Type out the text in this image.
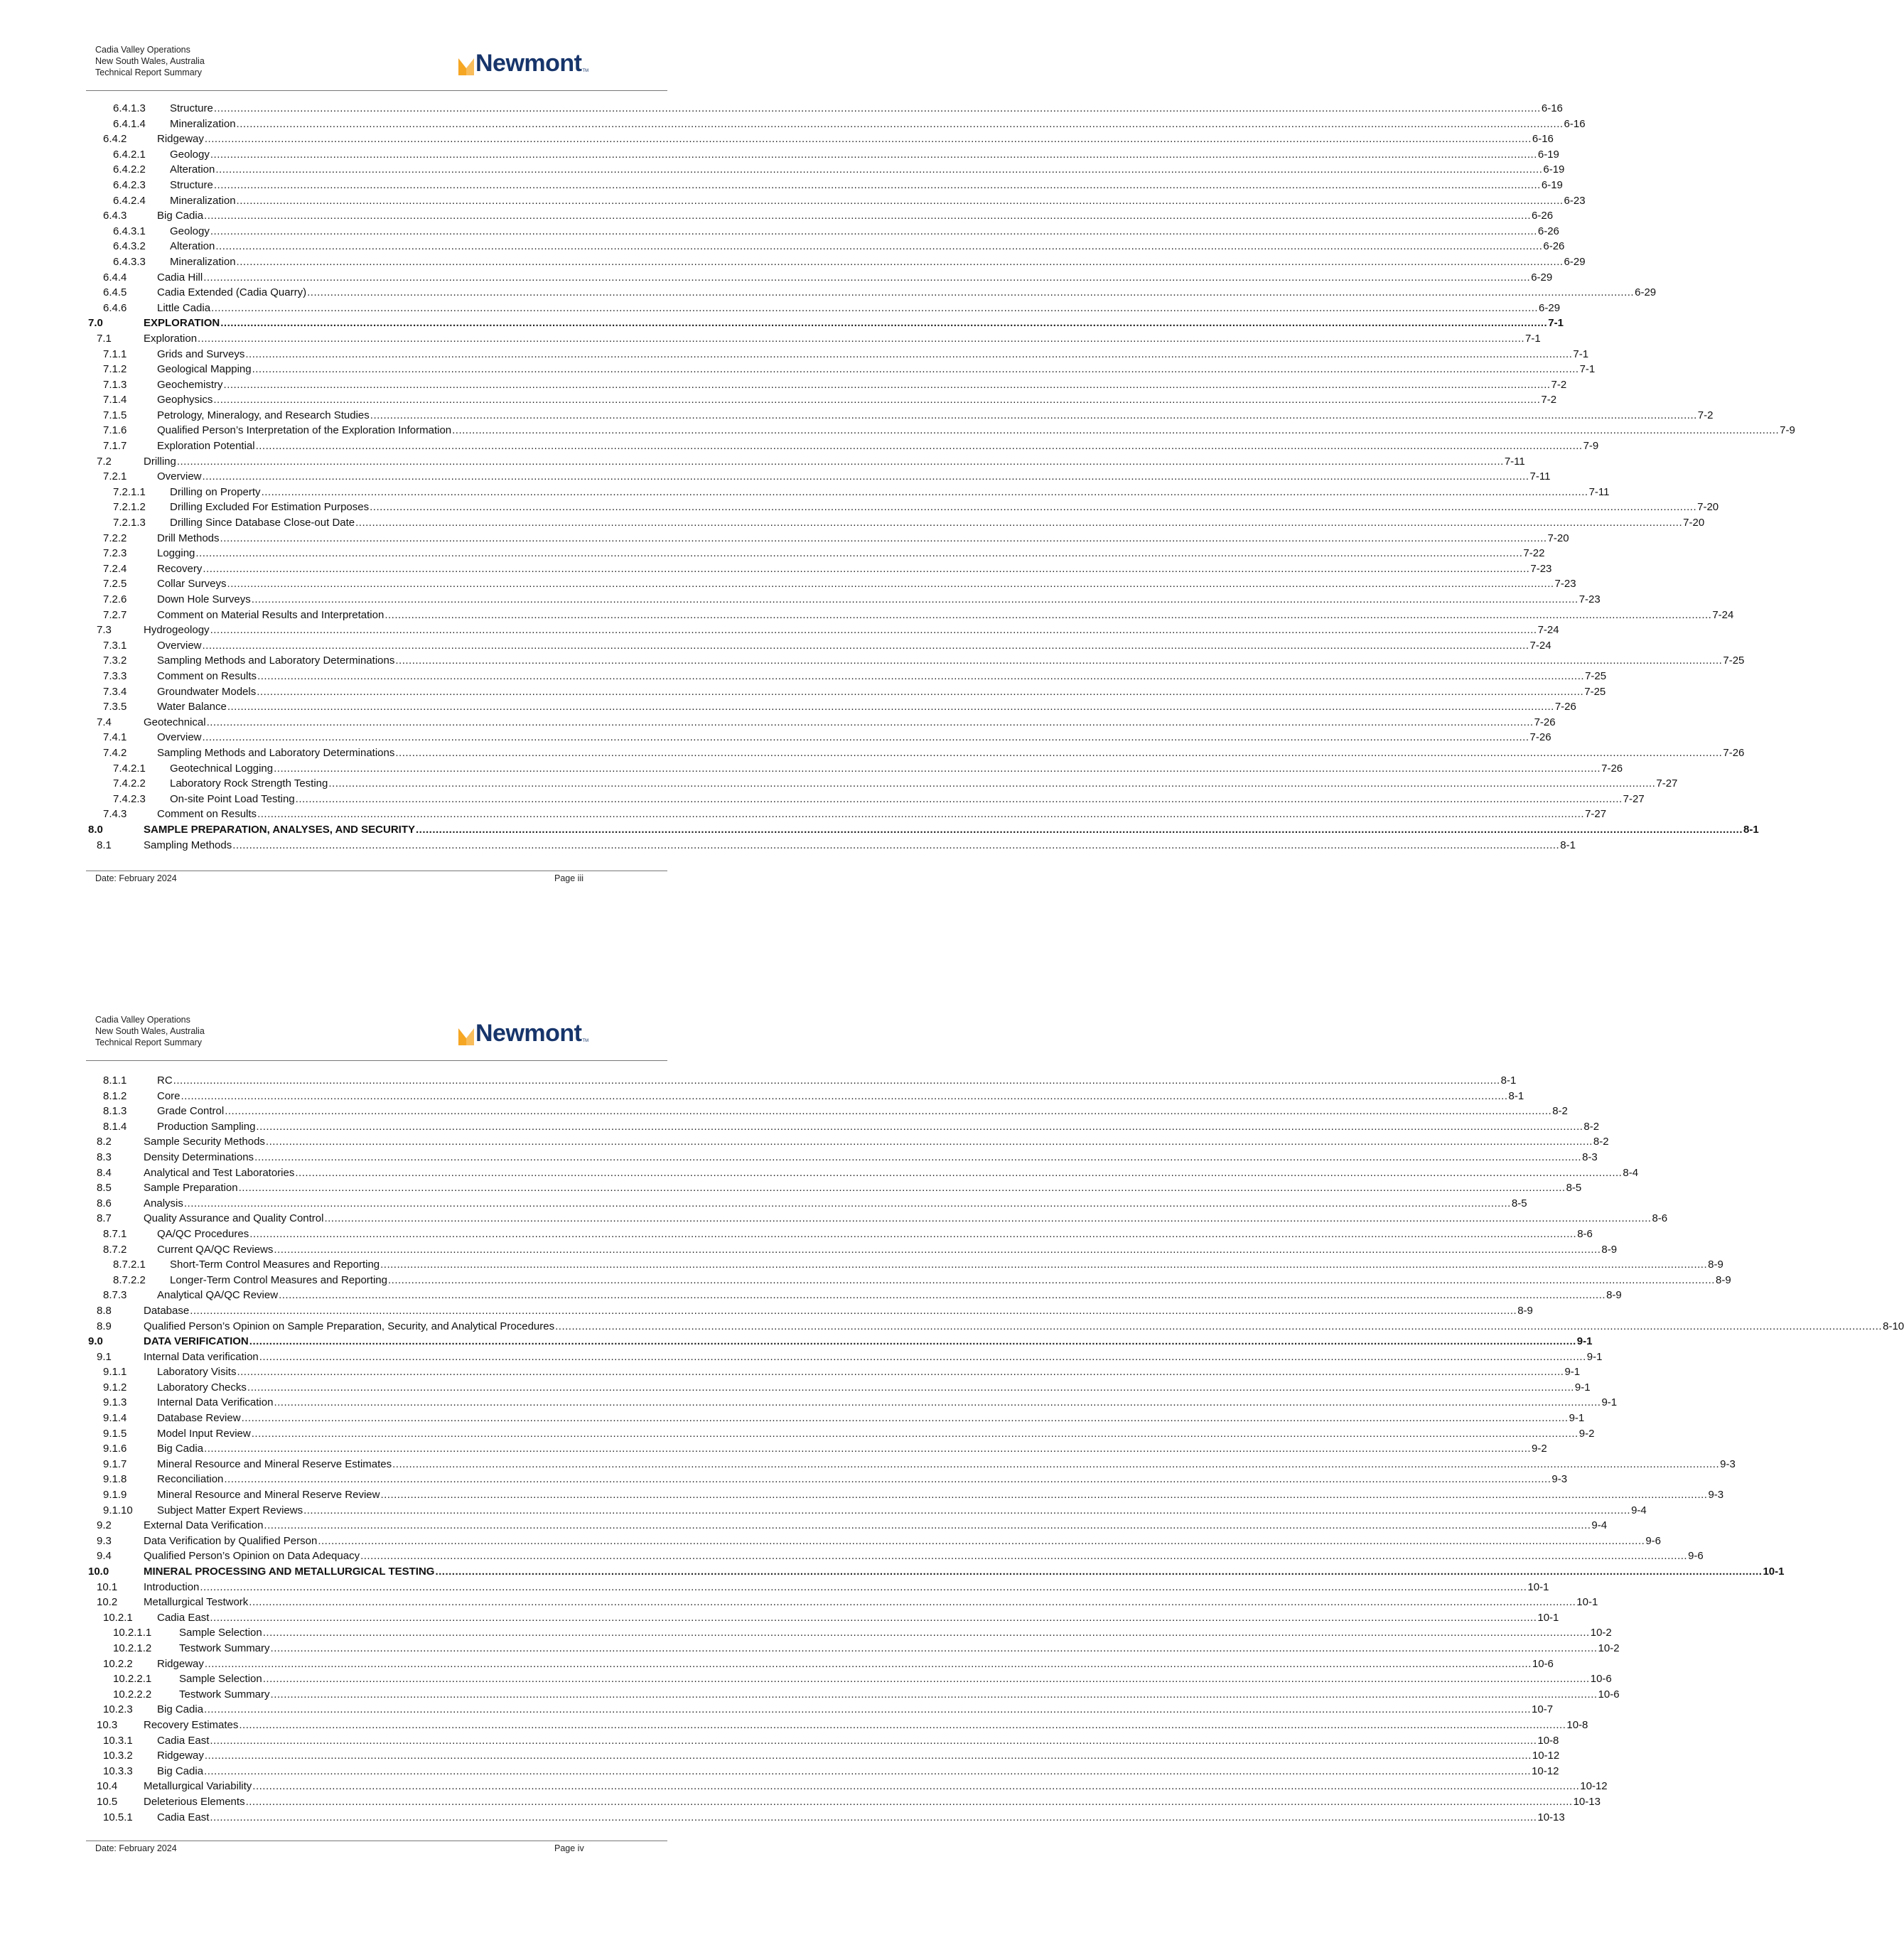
Cadia Valley Operations
New South Wales, Australia
Technical Report Summary	Newmont TM
6.4.1.3 Structure ................................................................................................................................................................................................................................................................................................................................................................................................................ 6-16
6.4.1.4 Mineralization ................................................................................................................................................................................................................................................................................................................................................................................................................ 6-16
6.4.2	Ridgeway ................................................................................................................................................................................................................................................................................................................................................................................................................ 6-16
6.4.2.1 Geology ................................................................................................................................................................................................................................................................................................................................................................................................................ 6-19
6.4.2.2 Alteration ................................................................................................................................................................................................................................................................................................................................................................................................................ 6-19
6.4.2.3 Structure ................................................................................................................................................................................................................................................................................................................................................................................................................ 6-19
6.4.2.4 Mineralization ................................................................................................................................................................................................................................................................................................................................................................................................................ 6-23
6.4.3	Big Cadia ................................................................................................................................................................................................................................................................................................................................................................................................................ 6-26
6.4.3.1 Geology ................................................................................................................................................................................................................................................................................................................................................................................................................ 6-26
6.4.3.2 Alteration ................................................................................................................................................................................................................................................................................................................................................................................................................ 6-26
6.4.3.3 Mineralization ................................................................................................................................................................................................................................................................................................................................................................................................................ 6-29
6.4.4	Cadia Hill ................................................................................................................................................................................................................................................................................................................................................................................................................ 6-29
6.4.5	Cadia Extended (Cadia Quarry) ................................................................................................................................................................................................................................................................................................................................................................................................................ 6-29
6.4.6	Little Cadia ................................................................................................................................................................................................................................................................................................................................................................................................................ 6-29
7.0	EXPLORATION ................................................................................................................................................................................................................................................................................................................................................................................................................ 7-1
7.1	Exploration ................................................................................................................................................................................................................................................................................................................................................................................................................ 7-1
7.1.1	Grids and Surveys ................................................................................................................................................................................................................................................................................................................................................................................................................ 7-1
7.1.2	Geological Mapping ................................................................................................................................................................................................................................................................................................................................................................................................................ 7-1
7.1.3	Geochemistry ................................................................................................................................................................................................................................................................................................................................................................................................................ 7-2
7.1.4	Geophysics ................................................................................................................................................................................................................................................................................................................................................................................................................ 7-2
7.1.5	Petrology, Mineralogy, and Research Studies ................................................................................................................................................................................................................................................................................................................................................................................................................ 7-2
7.1.6	Qualified Person’s Interpretation of the Exploration Information ................................................................................................................................................................................................................................................................................................................................................................................................................ 7-9
7.1.7	Exploration Potential ................................................................................................................................................................................................................................................................................................................................................................................................................ 7-9
7.2	Drilling ................................................................................................................................................................................................................................................................................................................................................................................................................ 7-11
7.2.1	Overview ................................................................................................................................................................................................................................................................................................................................................................................................................ 7-11
7.2.1.1 Drilling on Property ................................................................................................................................................................................................................................................................................................................................................................................................................ 7-11
7.2.1.2 Drilling Excluded For Estimation Purposes ................................................................................................................................................................................................................................................................................................................................................................................................................ 7-20
7.2.1.3 Drilling Since Database Close-out Date ................................................................................................................................................................................................................................................................................................................................................................................................................ 7-20
7.2.2	Drill Methods ................................................................................................................................................................................................................................................................................................................................................................................................................ 7-20
7.2.3	Logging ................................................................................................................................................................................................................................................................................................................................................................................................................ 7-22
7.2.4	Recovery ................................................................................................................................................................................................................................................................................................................................................................................................................ 7-23
7.2.5	Collar Surveys ................................................................................................................................................................................................................................................................................................................................................................................................................ 7-23
7.2.6	Down Hole Surveys ................................................................................................................................................................................................................................................................................................................................................................................................................ 7-23
7.2.7	Comment on Material Results and Interpretation ................................................................................................................................................................................................................................................................................................................................................................................................................ 7-24
7.3	Hydrogeology ................................................................................................................................................................................................................................................................................................................................................................................................................ 7-24
7.3.1	Overview ................................................................................................................................................................................................................................................................................................................................................................................................................ 7-24
7.3.2	Sampling Methods and Laboratory Determinations ................................................................................................................................................................................................................................................................................................................................................................................................................ 7-25
7.3.3	Comment on Results ................................................................................................................................................................................................................................................................................................................................................................................................................ 7-25
7.3.4	Groundwater Models ................................................................................................................................................................................................................................................................................................................................................................................................................ 7-25
7.3.5	Water Balance ................................................................................................................................................................................................................................................................................................................................................................................................................ 7-26
7.4	Geotechnical ................................................................................................................................................................................................................................................................................................................................................................................................................ 7-26
7.4.1	Overview ................................................................................................................................................................................................................................................................................................................................................................................................................ 7-26
7.4.2	Sampling Methods and Laboratory Determinations ................................................................................................................................................................................................................................................................................................................................................................................................................ 7-26
7.4.2.1 Geotechnical Logging ................................................................................................................................................................................................................................................................................................................................................................................................................ 7-26
7.4.2.2 Laboratory Rock Strength Testing ................................................................................................................................................................................................................................................................................................................................................................................................................ 7-27
7.4.2.3 On-site Point Load Testing ................................................................................................................................................................................................................................................................................................................................................................................................................ 7-27
7.4.3	Comment on Results ................................................................................................................................................................................................................................................................................................................................................................................................................ 7-27
8.0	SAMPLE PREPARATION, ANALYSES, AND SECURITY ................................................................................................................................................................................................................................................................................................................................................................................................................ 8-1
8.1	Sampling Methods ................................................................................................................................................................................................................................................................................................................................................................................................................ 8-1
Date: February 2024	Page iii
Cadia Valley Operations
New South Wales, Australia
Technical Report Summary	Newmont TM
8.1.1	RC ................................................................................................................................................................................................................................................................................................................................................................................................................ 8-1
8.1.2	Core ................................................................................................................................................................................................................................................................................................................................................................................................................ 8-1
8.1.3	Grade Control ................................................................................................................................................................................................................................................................................................................................................................................................................ 8-2
8.1.4	Production Sampling ................................................................................................................................................................................................................................................................................................................................................................................................................ 8-2
8.2	Sample Security Methods ................................................................................................................................................................................................................................................................................................................................................................................................................ 8-2
8.3	Density Determinations ................................................................................................................................................................................................................................................................................................................................................................................................................ 8-3
8.4	Analytical and Test Laboratories ................................................................................................................................................................................................................................................................................................................................................................................................................ 8-4
8.5	Sample Preparation ................................................................................................................................................................................................................................................................................................................................................................................................................ 8-5
8.6	Analysis ................................................................................................................................................................................................................................................................................................................................................................................................................ 8-5
8.7	Quality Assurance and Quality Control ................................................................................................................................................................................................................................................................................................................................................................................................................ 8-6
8.7.1	QA/QC Procedures ................................................................................................................................................................................................................................................................................................................................................................................................................ 8-6
8.7.2	Current QA/QC Reviews ................................................................................................................................................................................................................................................................................................................................................................................................................ 8-9
8.7.2.1 Short-Term Control Measures and Reporting ................................................................................................................................................................................................................................................................................................................................................................................................................ 8-9
8.7.2.2 Longer-Term Control Measures and Reporting ................................................................................................................................................................................................................................................................................................................................................................................................................ 8-9
8.7.3	Analytical QA/QC Review ................................................................................................................................................................................................................................................................................................................................................................................................................ 8-9
8.8	Database ................................................................................................................................................................................................................................................................................................................................................................................................................ 8-9
8.9	Qualified Person’s Opinion on Sample Preparation, Security, and Analytical Procedures ................................................................................................................................................................................................................................................................................................................................................................................................................ 8-10
9.0	DATA VERIFICATION ................................................................................................................................................................................................................................................................................................................................................................................................................ 9-1
9.1	Internal Data verification ................................................................................................................................................................................................................................................................................................................................................................................................................ 9-1
9.1.1	Laboratory Visits ................................................................................................................................................................................................................................................................................................................................................................................................................ 9-1
9.1.2	Laboratory Checks ................................................................................................................................................................................................................................................................................................................................................................................................................ 9-1
9.1.3	Internal Data Verification ................................................................................................................................................................................................................................................................................................................................................................................................................ 9-1
9.1.4	Database Review ................................................................................................................................................................................................................................................................................................................................................................................................................ 9-1
9.1.5	Model Input Review ................................................................................................................................................................................................................................................................................................................................................................................................................ 9-2
9.1.6	Big Cadia ................................................................................................................................................................................................................................................................................................................................................................................................................ 9-2
9.1.7	Mineral Resource and Mineral Reserve Estimates ................................................................................................................................................................................................................................................................................................................................................................................................................ 9-3
9.1.8	Reconciliation ................................................................................................................................................................................................................................................................................................................................................................................................................ 9-3
9.1.9	Mineral Resource and Mineral Reserve Review ................................................................................................................................................................................................................................................................................................................................................................................................................ 9-3
9.1.10 Subject Matter Expert Reviews ................................................................................................................................................................................................................................................................................................................................................................................................................ 9-4
9.2	External Data Verification ................................................................................................................................................................................................................................................................................................................................................................................................................ 9-4
9.3	Data Verification by Qualified Person ................................................................................................................................................................................................................................................................................................................................................................................................................ 9-6
9.4	Qualified Person’s Opinion on Data Adequacy ................................................................................................................................................................................................................................................................................................................................................................................................................ 9-6
10.0	MINERAL PROCESSING AND METALLURGICAL TESTING ................................................................................................................................................................................................................................................................................................................................................................................................................ 10-1
10.1 Introduction ................................................................................................................................................................................................................................................................................................................................................................................................................ 10-1
10.2 Metallurgical Testwork ................................................................................................................................................................................................................................................................................................................................................................................................................ 10-1
10.2.1 Cadia East ................................................................................................................................................................................................................................................................................................................................................................................................................ 10-1
10.2.1.1	Sample Selection ................................................................................................................................................................................................................................................................................................................................................................................................................ 10-2
10.2.1.2	Testwork Summary ................................................................................................................................................................................................................................................................................................................................................................................................................ 10-2
10.2.2 Ridgeway ................................................................................................................................................................................................................................................................................................................................................................................................................ 10-6
10.2.2.1	Sample Selection ................................................................................................................................................................................................................................................................................................................................................................................................................ 10-6
10.2.2.2	Testwork Summary ................................................................................................................................................................................................................................................................................................................................................................................................................ 10-6
10.2.3 Big Cadia ................................................................................................................................................................................................................................................................................................................................................................................................................ 10-7
10.3 Recovery Estimates ................................................................................................................................................................................................................................................................................................................................................................................................................ 10-8
10.3.1 Cadia East ................................................................................................................................................................................................................................................................................................................................................................................................................ 10-8
10.3.2 Ridgeway ................................................................................................................................................................................................................................................................................................................................................................................................................ 10-12
10.3.3 Big Cadia ................................................................................................................................................................................................................................................................................................................................................................................................................ 10-12
10.4 Metallurgical Variability ................................................................................................................................................................................................................................................................................................................................................................................................................ 10-12
10.5 Deleterious Elements ................................................................................................................................................................................................................................................................................................................................................................................................................ 10-13
10.5.1 Cadia East ................................................................................................................................................................................................................................................................................................................................................................................................................ 10-13
Date: February 2024	Page iv
